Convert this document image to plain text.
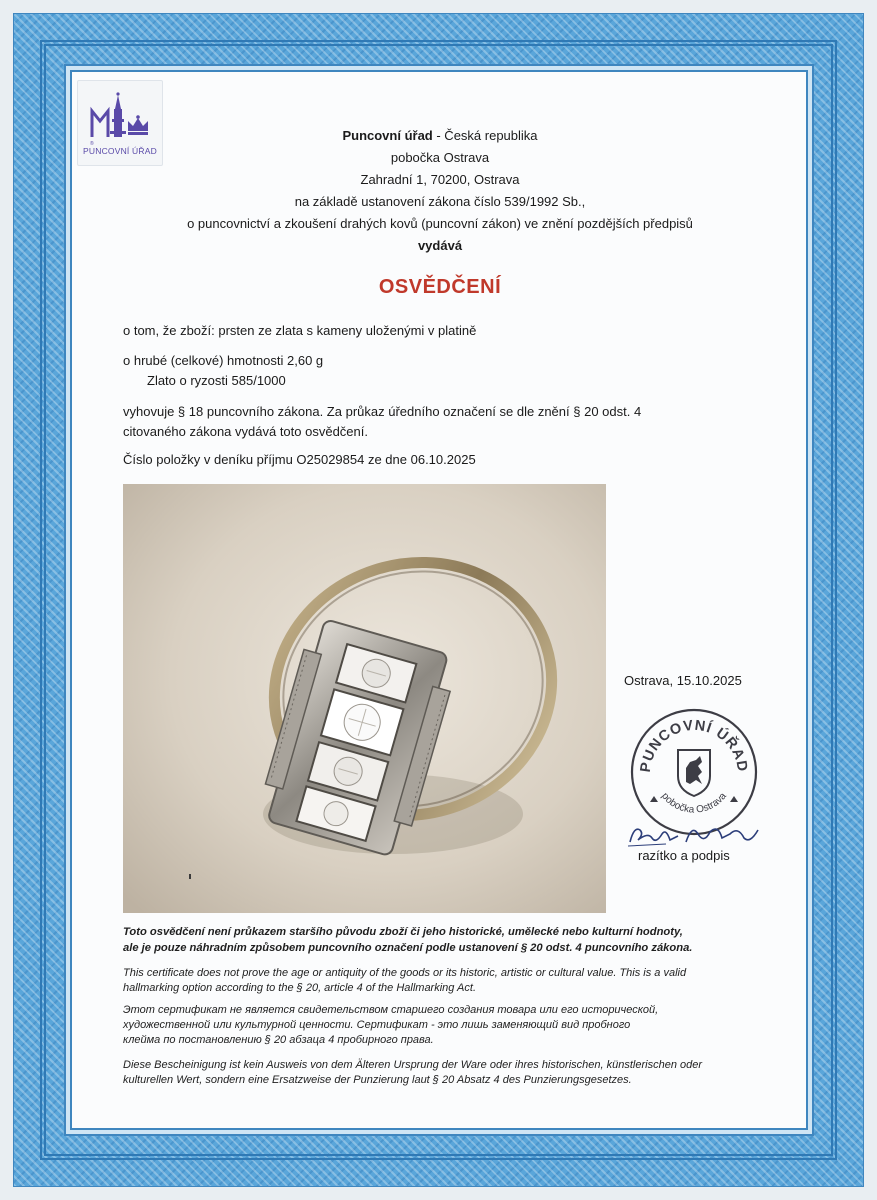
®
PUNCOVNÍ ÚŘAD
Puncovní úřad - Česká republika
pobočka Ostrava
Zahradní 1, 70200, Ostrava
na základě ustanovení zákona číslo 539/1992 Sb.,
o puncovnictví a zkoušení drahých kovů (puncovní zákon) ve znění pozdějších předpisů
vydává
OSVĚDČENÍ
o tom, že zboží: prsten ze zlata s kameny uloženými v platině
o hrubé (celkové) hmotnosti 2,60 g
Zlato o ryzosti 585/1000
vyhovuje § 18 puncovního zákona. Za průkaz úředního označení se dle znění § 20 odst. 4
citovaného zákona vydává toto osvědčení.
Číslo položky v deníku příjmu O25029854 ze dne 06.10.2025
Ostrava, 15.10.2025
PUNCOVNÍ ÚŘAD
pobočka Ostrava
razítko a podpis
Toto osvědčení není průkazem staršího původu zboží či jeho historické, umělecké nebo kulturní hodnoty,
ale je pouze náhradním způsobem puncovního označení podle ustanovení § 20 odst. 4 puncovního zákona.
This certificate does not prove the age or antiquity of the goods or its historic, artistic or cultural value. This is a valid
hallmarking option according to the § 20, article 4 of the Hallmarking Act.
Этот сертификат не является свидетельством старшего создания товара или его исторической,
художественной или культурной ценности. Сертификат - это лишь заменяющий вид пробного
клейма по постановлению § 20 абзаца 4 пробирного права.
Diese Bescheinigung ist kein Ausweis von dem Älteren Ursprung der Ware oder ihres historischen, künstlerischen oder
kulturellen Wert, sondern eine Ersatzweise der Punzierung laut § 20 Absatz 4 des Punzierungsgesetzes.
